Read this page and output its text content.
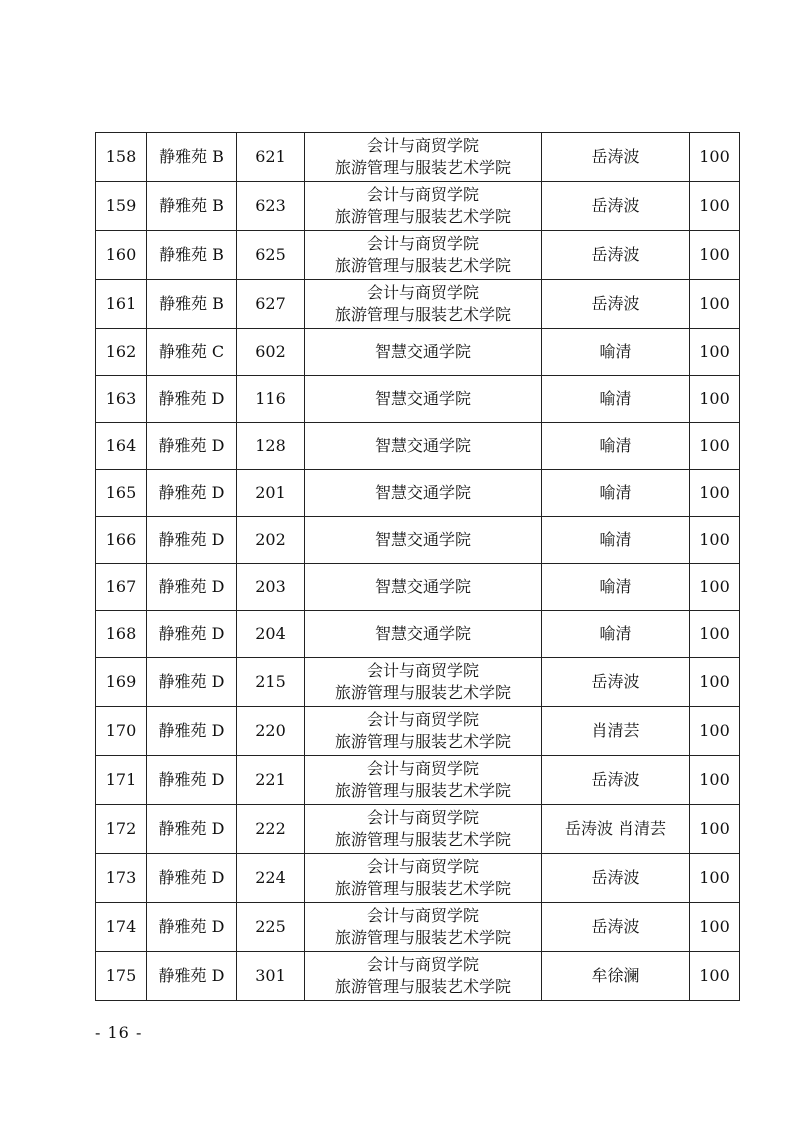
158	静雅苑 B	621	会计与商贸学院
旅游管理与服装艺术学院	岳涛波	100
159	静雅苑 B	623	会计与商贸学院
旅游管理与服装艺术学院	岳涛波	100
160	静雅苑 B	625	会计与商贸学院
旅游管理与服装艺术学院	岳涛波	100
161	静雅苑 B	627	会计与商贸学院
旅游管理与服装艺术学院	岳涛波	100
162	静雅苑 C	602	智慧交通学院	喻清	100
163	静雅苑 D	116	智慧交通学院	喻清	100
164	静雅苑 D	128	智慧交通学院	喻清	100
165	静雅苑 D	201	智慧交通学院	喻清	100
166	静雅苑 D	202	智慧交通学院	喻清	100
167	静雅苑 D	203	智慧交通学院	喻清	100
168	静雅苑 D	204	智慧交通学院	喻清	100
169	静雅苑 D	215	会计与商贸学院
旅游管理与服装艺术学院	岳涛波	100
170	静雅苑 D	220	会计与商贸学院
旅游管理与服装艺术学院	肖清芸	100
171	静雅苑 D	221	会计与商贸学院
旅游管理与服装艺术学院	岳涛波	100
172	静雅苑 D	222	会计与商贸学院
旅游管理与服装艺术学院	岳涛波 肖清芸	100
173	静雅苑 D	224	会计与商贸学院
旅游管理与服装艺术学院	岳涛波	100
174	静雅苑 D	225	会计与商贸学院
旅游管理与服装艺术学院	岳涛波	100
175	静雅苑 D	301	会计与商贸学院
旅游管理与服装艺术学院	牟徐澜	100
- 16 -
